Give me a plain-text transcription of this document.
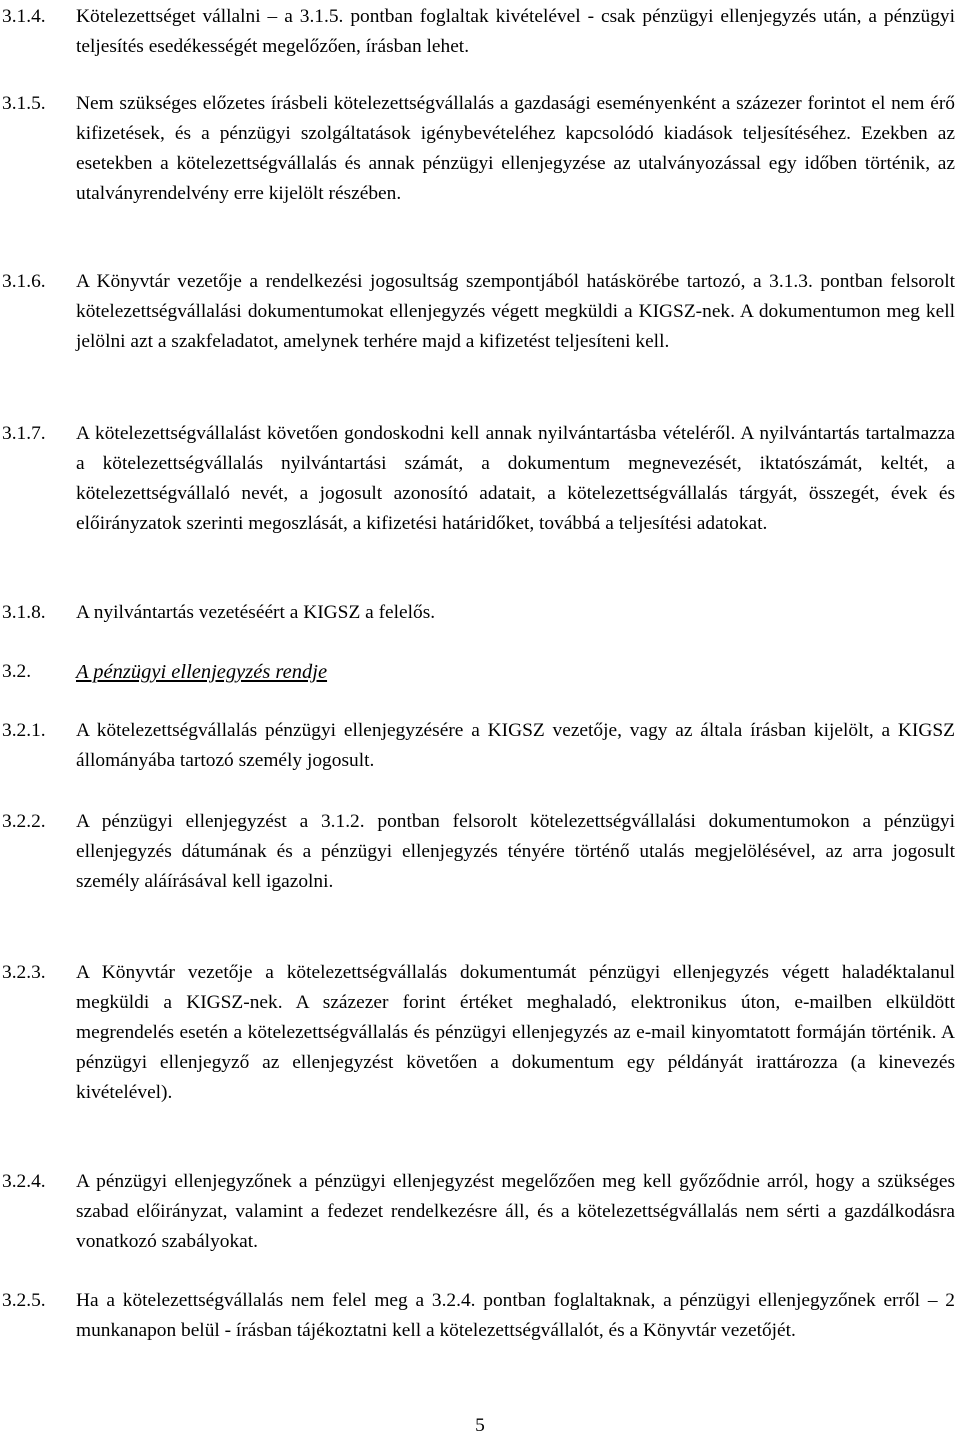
3.1.4. Kötelezettséget vállalni – a 3.1.5. pontban foglaltak kivételével - csak pénzügyi ellenjegyzés után, a pénzügyi teljesítés esedékességét megelőzően, írásban lehet.
3.1.5. Nem szükséges előzetes írásbeli kötelezettségvállalás a gazdasági eseményenként a százezer forintot el nem érő kifizetések, és a pénzügyi szolgáltatások igénybevételéhez kapcsolódó kiadások teljesítéséhez. Ezekben az esetekben a kötelezettségvállalás és annak pénzügyi ellenjegyzése az utalványozással egy időben történik, az utalványrendelvény erre kijelölt részében.
3.1.6. A Könyvtár vezetője a rendelkezési jogosultság szempontjából hatáskörébe tartozó, a 3.1.3. pontban felsorolt kötelezettségvállalási dokumentumokat ellenjegyzés végett megküldi a KIGSZ-nek. A dokumentumon meg kell jelölni azt a szakfeladatot, amelynek terhére majd a kifizetést teljesíteni kell.
3.1.7. A kötelezettségvállalást követően gondoskodni kell annak nyilvántartásba vételéről. A nyilvántartás tartalmazza a kötelezettségvállalás nyilvántartási számát, a dokumentum megnevezését, iktatószámát, keltét, a kötelezettségvállaló nevét, a jogosult azonosító adatait, a kötelezettségvállalás tárgyát, összegét, évek és előirányzatok szerinti megoszlását, a kifizetési határidőket, továbbá a teljesítési adatokat.
3.1.8. A nyilvántartás vezetéséért a KIGSZ a felelős.
3.2. A pénzügyi ellenjegyzés rendje
3.2.1. A kötelezettségvállalás pénzügyi ellenjegyzésére a KIGSZ vezetője, vagy az általa írásban kijelölt, a KIGSZ állományába tartozó személy jogosult.
3.2.2. A pénzügyi ellenjegyzést a 3.1.2. pontban felsorolt kötelezettségvállalási dokumentumokon a pénzügyi ellenjegyzés dátumának és a pénzügyi ellenjegyzés tényére történő utalás megjelölésével, az arra jogosult személy aláírásával kell igazolni.
3.2.3. A Könyvtár vezetője a kötelezettségvállalás dokumentumát pénzügyi ellenjegyzés végett haladéktalanul megküldi a KIGSZ-nek. A százezer forint értéket meghaladó, elektronikus úton, e-mailben elküldött megrendelés esetén a kötelezettségvállalás és pénzügyi ellenjegyzés az e-mail kinyomtatott formáján történik. A pénzügyi ellenjegyző az ellenjegyzést követően a dokumentum egy példányát irattározza (a kinevezés kivételével).
3.2.4. A pénzügyi ellenjegyzőnek a pénzügyi ellenjegyzést megelőzően meg kell győződnie arról, hogy a szükséges szabad előirányzat, valamint a fedezet rendelkezésre áll, és a kötelezettségvállalás nem sérti a gazdálkodásra vonatkozó szabályokat.
3.2.5. Ha a kötelezettségvállalás nem felel meg a 3.2.4. pontban foglaltaknak, a pénzügyi ellenjegyzőnek erről – 2 munkanapon belül - írásban tájékoztatni kell a kötelezettségvállalót, és a Könyvtár vezetőjét.
5
